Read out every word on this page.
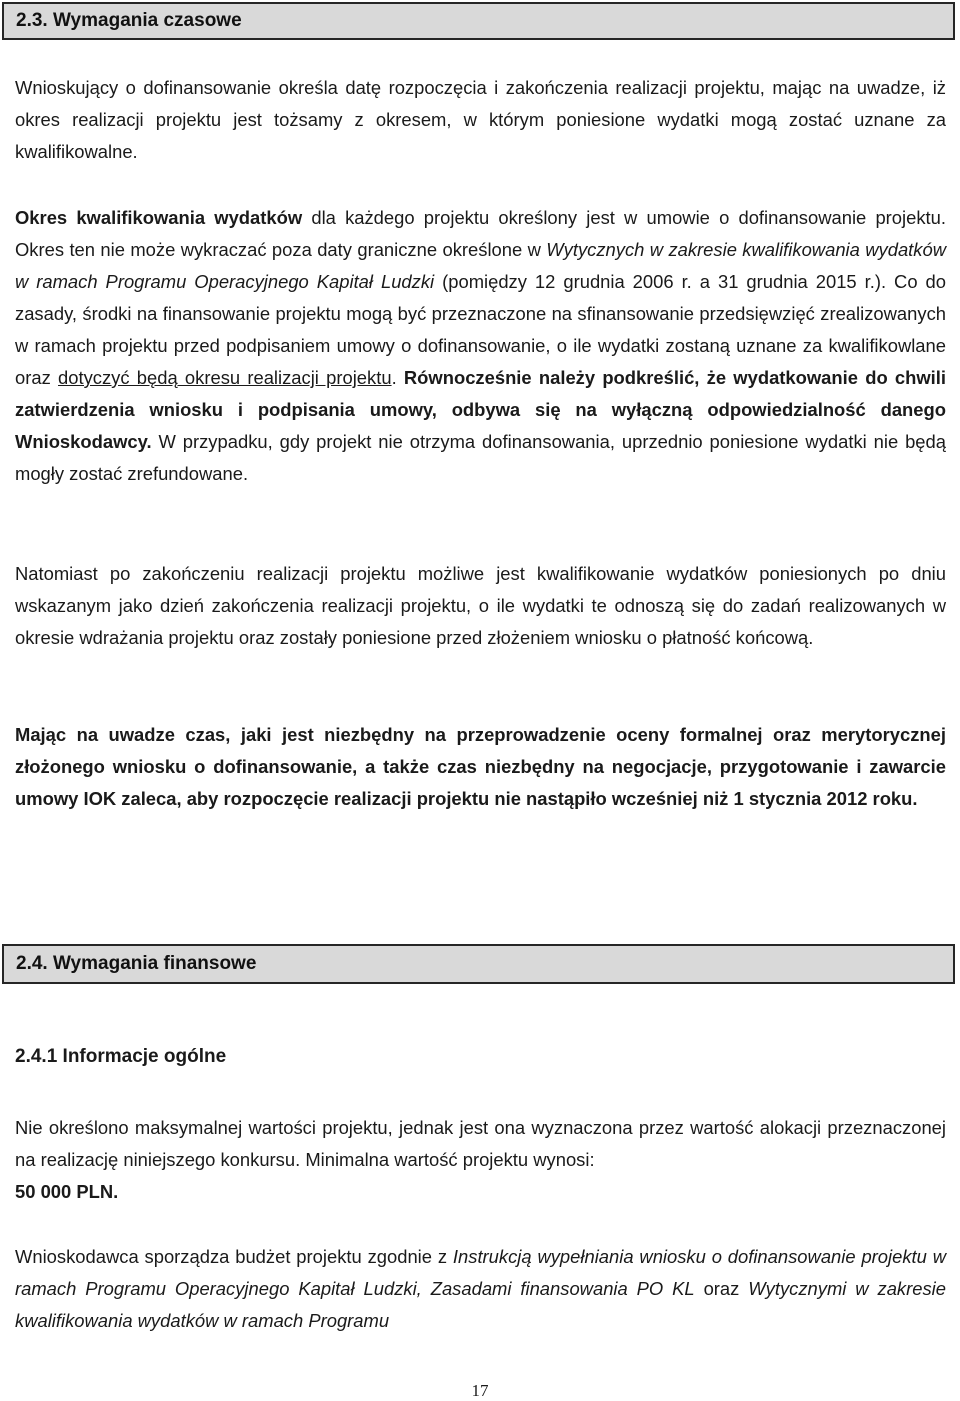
2.3. Wymagania czasowe

Wnioskujący o dofinansowanie określa datę rozpoczęcia i zakończenia realizacji projektu, mając na uwadze, iż okres realizacji projektu jest tożsamy z okresem, w którym poniesione wydatki mogą zostać uznane za kwalifikowalne.

Okres kwalifikowania wydatków dla każdego projektu określony jest w umowie o dofinansowanie projektu. Okres ten nie może wykraczać poza daty graniczne określone w Wytycznych w zakresie kwalifikowania wydatków w ramach Programu Operacyjnego Kapitał Ludzki (pomiędzy 12 grudnia 2006 r. a 31 grudnia 2015 r.). Co do zasady, środki na finansowanie projektu mogą być przeznaczone na sfinansowanie przedsięwzięć zrealizowanych w ramach projektu przed podpisaniem umowy o dofinansowanie, o ile wydatki zostaną uznane za kwalifikowlane oraz dotyczyć będą okresu realizacji projektu. Równocześnie należy podkreślić, że wydatkowanie do chwili zatwierdzenia wniosku i podpisania umowy, odbywa się na wyłączną odpowiedzialność danego Wnioskodawcy. W przypadku, gdy projekt nie otrzyma dofinansowania, uprzednio poniesione wydatki nie będą mogły zostać zrefundowane.

Natomiast po zakończeniu realizacji projektu możliwe jest kwalifikowanie wydatków poniesionych po dniu wskazanym jako dzień zakończenia realizacji projektu, o ile wydatki te odnoszą się do zadań realizowanych w okresie wdrażania projektu oraz zostały poniesione przed złożeniem wniosku o płatność końcową.

Mając na uwadze czas, jaki jest niezbędny na przeprowadzenie oceny formalnej oraz merytorycznej złożonego wniosku o dofinansowanie, a także czas niezbędny na negocjacje, przygotowanie i zawarcie umowy IOK zaleca, aby rozpoczęcie realizacji projektu nie nastąpiło wcześniej niż 1 stycznia 2012 roku.

2.4. Wymagania finansowe

2.4.1 Informacje ogólne

Nie określono maksymalnej wartości projektu, jednak jest ona wyznaczona przez wartość alokacji przeznaczonej na realizację niniejszego konkursu. Minimalna wartość projektu wynosi:
50 000 PLN.

Wnioskodawca sporządza budżet projektu zgodnie z Instrukcją wypełniania wniosku o dofinansowanie projektu w ramach Programu Operacyjnego Kapitał Ludzki, Zasadami finansowania PO KL oraz Wytycznymi w zakresie kwalifikowania wydatków w ramach Programu

17
